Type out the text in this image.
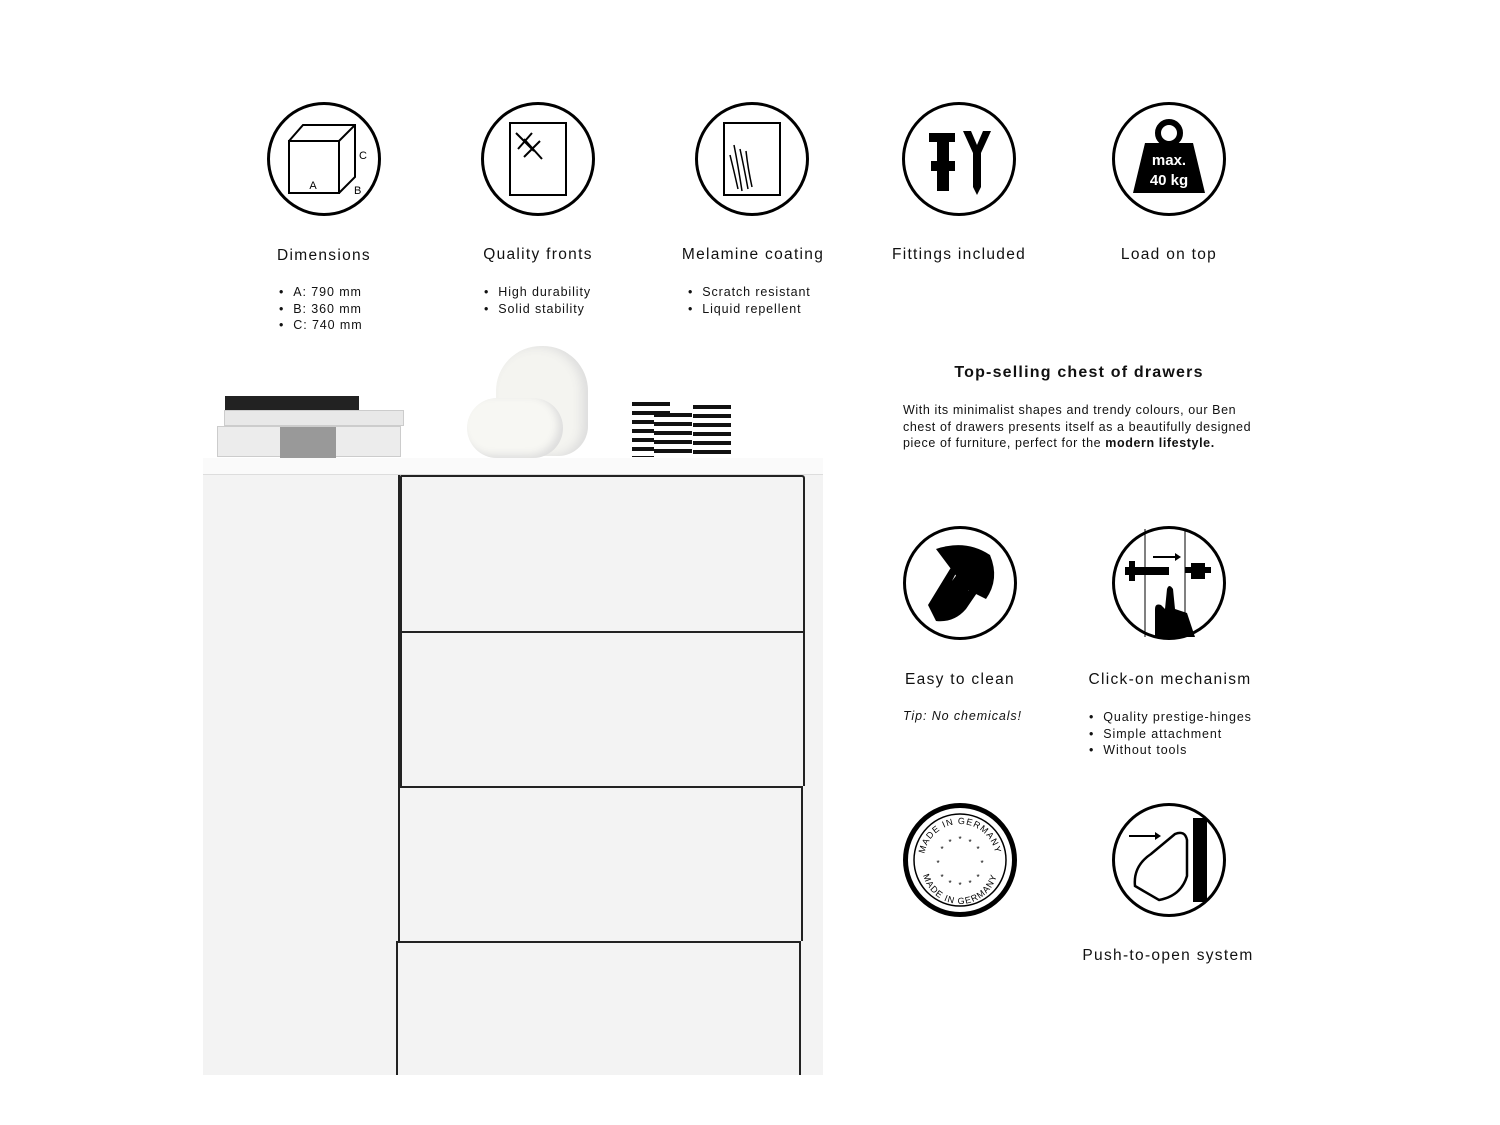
A	B
C	max.
40 kg
Dimensions	Quality fronts	Melamine coating	Fittings included	Load on top
• A: 790 mm
• B: 360 mm
• C: 740 mm
• High durability
• Solid stability
• Scratch resistant
• Liquid repellent
Top-selling chest of drawers
With its minimalist shapes and trendy colours, our Ben chest of drawers presents itself as a beautifully designed piece of furniture, perfect for the modern lifestyle.
MADE IN GERMANY
MADE IN GERMANY
*
*	*
*	*
*	*
*
* *
* *
Easy to clean	Click-on mechanism
Push-to-open system
Tip: No chemicals!	• Quality prestige-hinges
• Simple attachment
• Without tools
